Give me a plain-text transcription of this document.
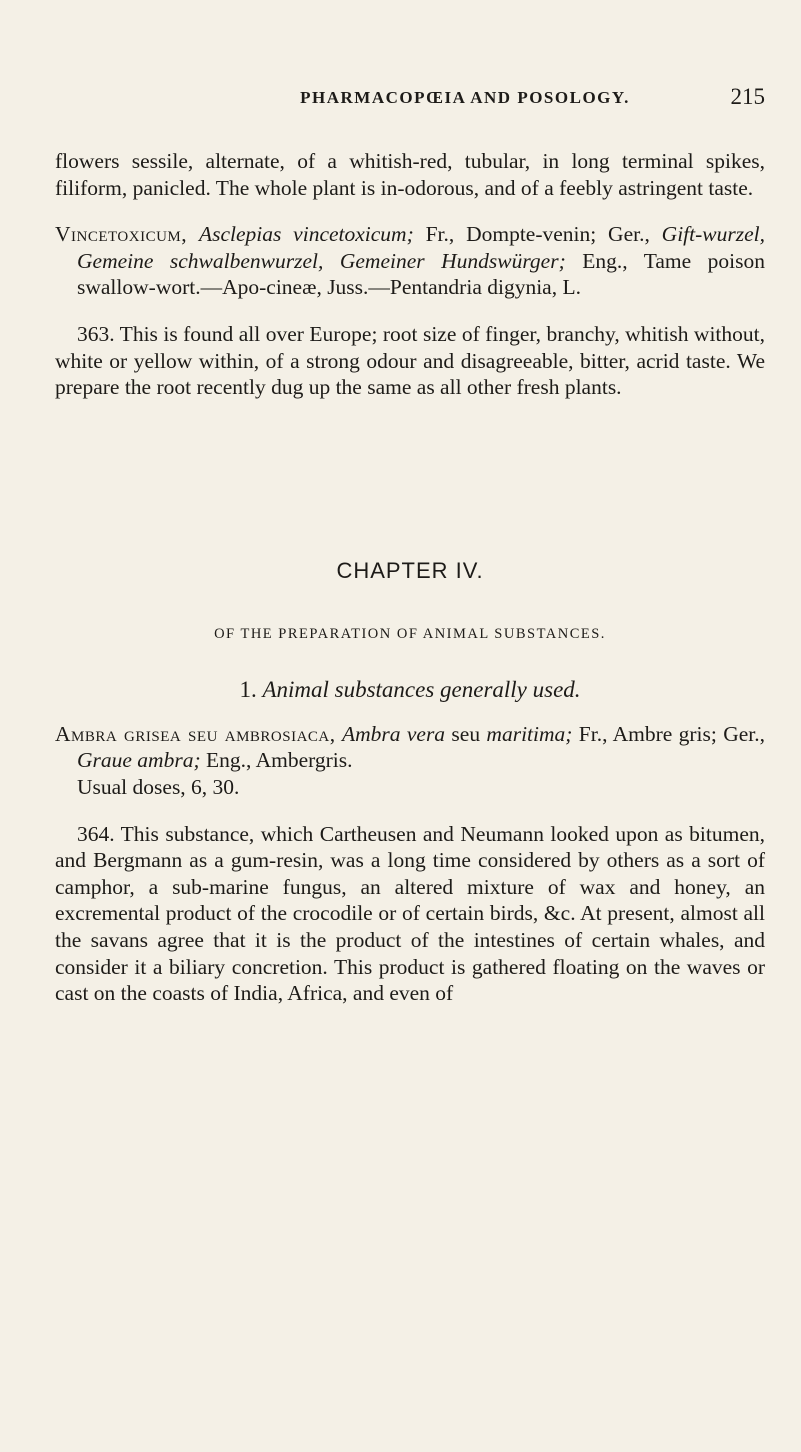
PHARMACOPŒIA AND POSOLOGY.	215

flowers sessile, alternate, of a whitish-red, tubular, in long terminal spikes, filiform, panicled. The whole plant is in-odorous, and of a feebly astringent taste.

Vincetoxicum, Asclepias vincetoxicum; Fr., Dompte-venin; Ger., Gift-wurzel, Gemeine schwalbenwurzel, Gemeiner Hundswürger; Eng., Tame poison swallow-wort.—Apo-cineæ, Juss.—Pentandria digynia, L.

363. This is found all over Europe; root size of finger, branchy, whitish without, white or yellow within, of a strong odour and disagreeable, bitter, acrid taste. We prepare the root recently dug up the same as all other fresh plants.

CHAPTER IV.
OF THE PREPARATION OF ANIMAL SUBSTANCES.
1. Animal substances generally used.

Ambra grisea seu ambrosiaca, Ambra vera seu maritima; Fr., Ambre gris; Ger., Graue ambra; Eng., Ambergris.
Usual doses, 6, 30.

364. This substance, which Cartheusen and Neumann looked upon as bitumen, and Bergmann as a gum-resin, was a long time considered by others as a sort of camphor, a sub-marine fungus, an altered mixture of wax and honey, an excremental product of the crocodile or of certain birds, &c. At present, almost all the savans agree that it is the product of the intestines of certain whales, and consider it a biliary concretion. This product is gathered floating on the waves or cast on the coasts of India, Africa, and even of
